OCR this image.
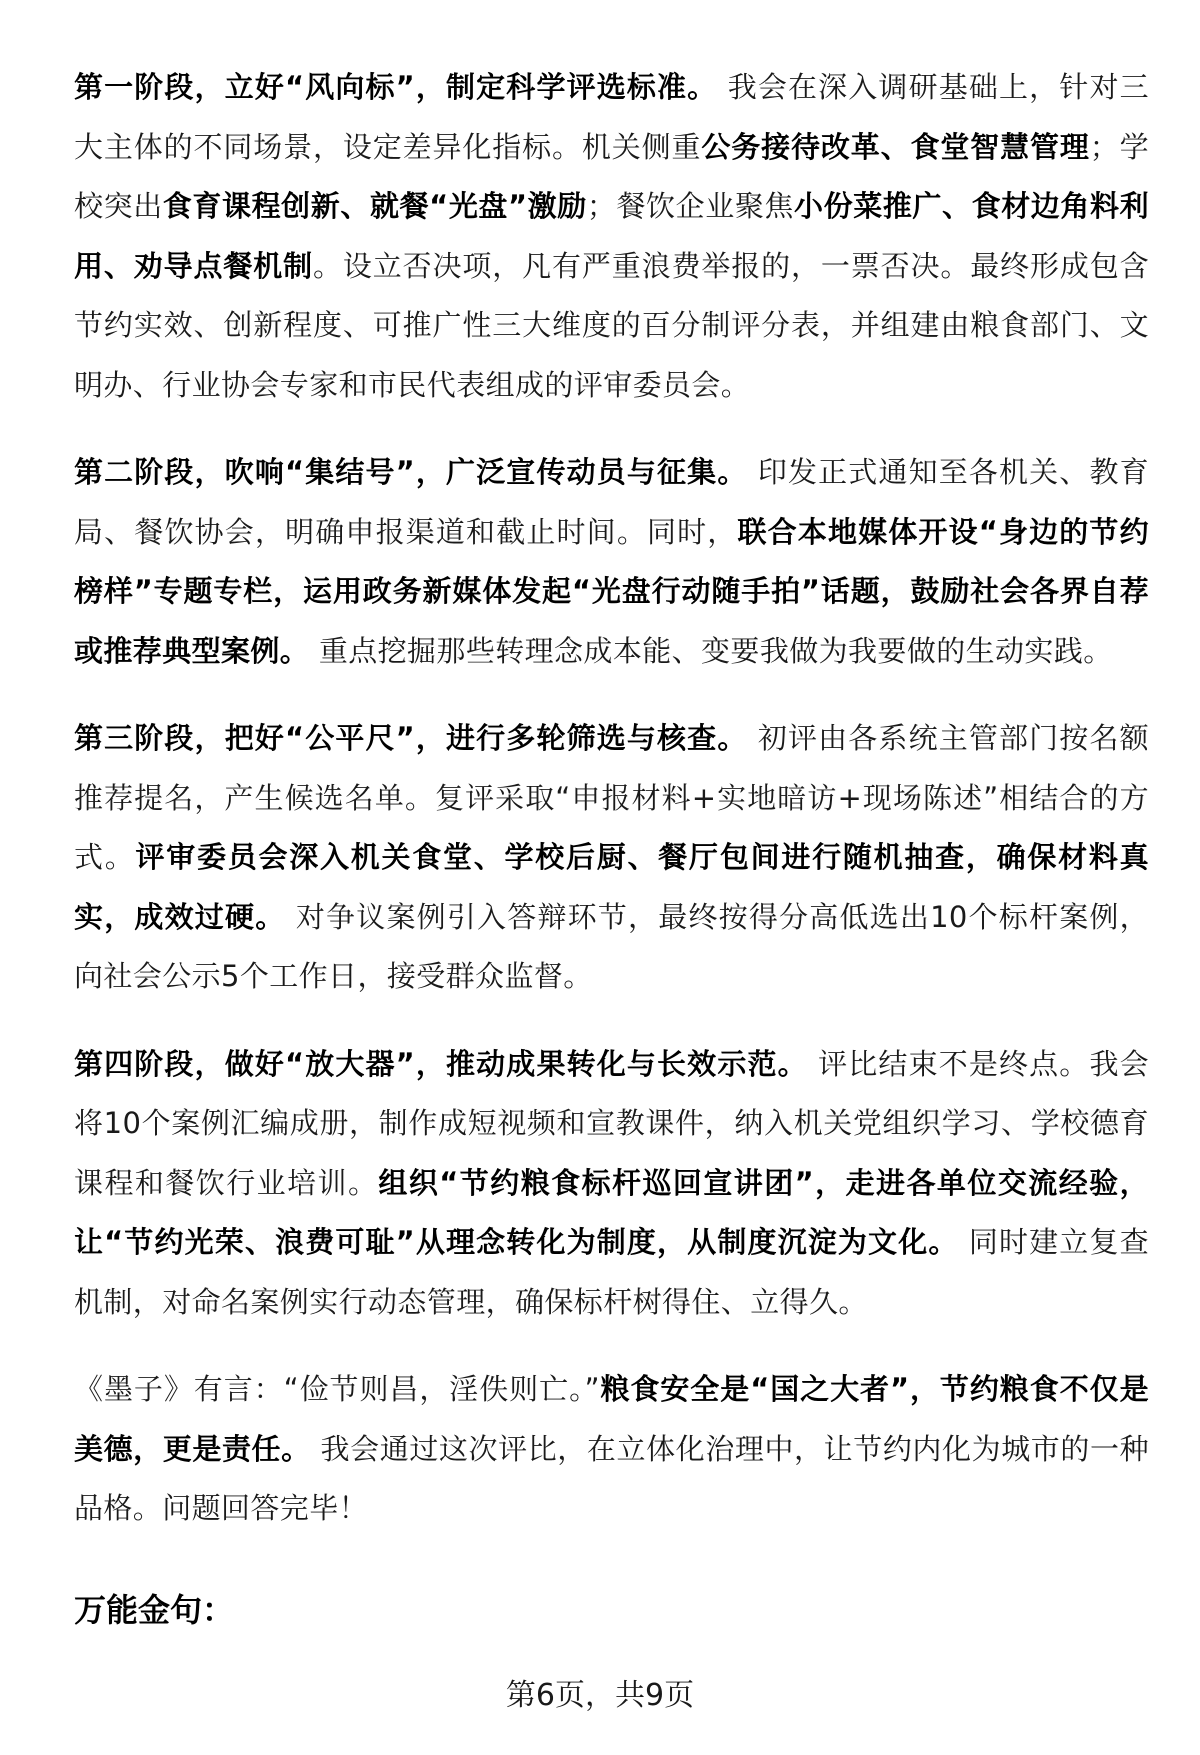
第一阶段，立好“风向标”，制定科学评选标准。 我会在深入调研基础上，针对三大主体的不同场景，设定差异化指标。机关侧重公务接待改革、食堂智慧管理；学校突出食育课程创新、就餐“光盘”激励；餐饮企业聚焦小份菜推广、食材边角料利用、劝导点餐机制。设立否决项，凡有严重浪费举报的，一票否决。最终形成包含节约实效、创新程度、可推广性三大维度的百分制评分表，并组建由粮食部门、文明办、行业协会专家和市民代表组成的评审委员会。

第二阶段，吹响“集结号”，广泛宣传动员与征集。 印发正式通知至各机关、教育局、餐饮协会，明确申报渠道和截止时间。同时，联合本地媒体开设“身边的节约榜样”专题专栏，运用政务新媒体发起“光盘行动随手拍”话题，鼓励社会各界自荐或推荐典型案例。 重点挖掘那些转理念成本能、变要我做为我要做的生动实践。

第三阶段，把好“公平尺”，进行多轮筛选与核查。 初评由各系统主管部门按名额推荐提名，产生候选名单。复评采取“申报材料+实地暗访+现场陈述”相结合的方式。评审委员会深入机关食堂、学校后厨、餐厅包间进行随机抽查，确保材料真实，成效过硬。 对争议案例引入答辩环节，最终按得分高低选出10个标杆案例，向社会公示5个工作日，接受群众监督。

第四阶段，做好“放大器”，推动成果转化与长效示范。 评比结束不是终点。我会将10个案例汇编成册，制作成短视频和宣教课件，纳入机关党组织学习、学校德育课程和餐饮行业培训。组织“节约粮食标杆巡回宣讲团”，走进各单位交流经验，让“节约光荣、浪费可耻”从理念转化为制度，从制度沉淀为文化。 同时建立复查机制，对命名案例实行动态管理，确保标杆树得住、立得久。

《墨子》有言：“俭节则昌，淫佚则亡。”粮食安全是“国之大者”，节约粮食不仅是美德，更是责任。 我会通过这次评比，在立体化治理中，让节约内化为城市的一种品格。问题回答完毕！

万能金句：
第6页，共9页
